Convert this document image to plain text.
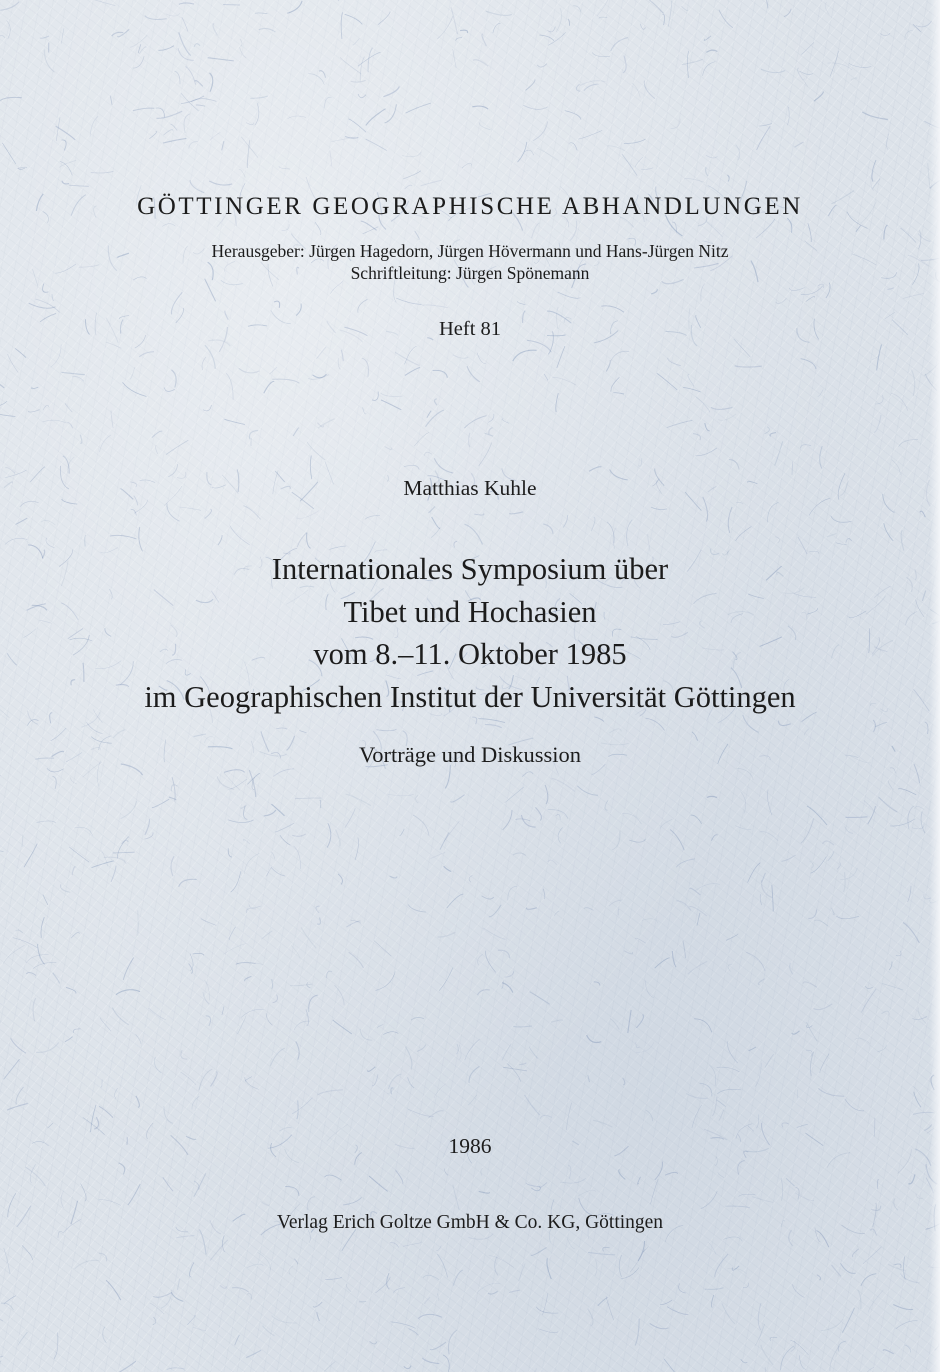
GÖTTINGER GEOGRAPHISCHE ABHANDLUNGEN
Herausgeber: Jürgen Hagedorn, Jürgen Hövermann und Hans-Jürgen Nitz
Schriftleitung: Jürgen Spönemann
Heft 81
Matthias Kuhle
Internationales Symposium über
Tibet und Hochasien
vom 8.–11. Oktober 1985
im Geographischen Institut der Universität Göttingen
Vorträge und Diskussion
1986
Verlag Erich Goltze GmbH & Co. KG, Göttingen
